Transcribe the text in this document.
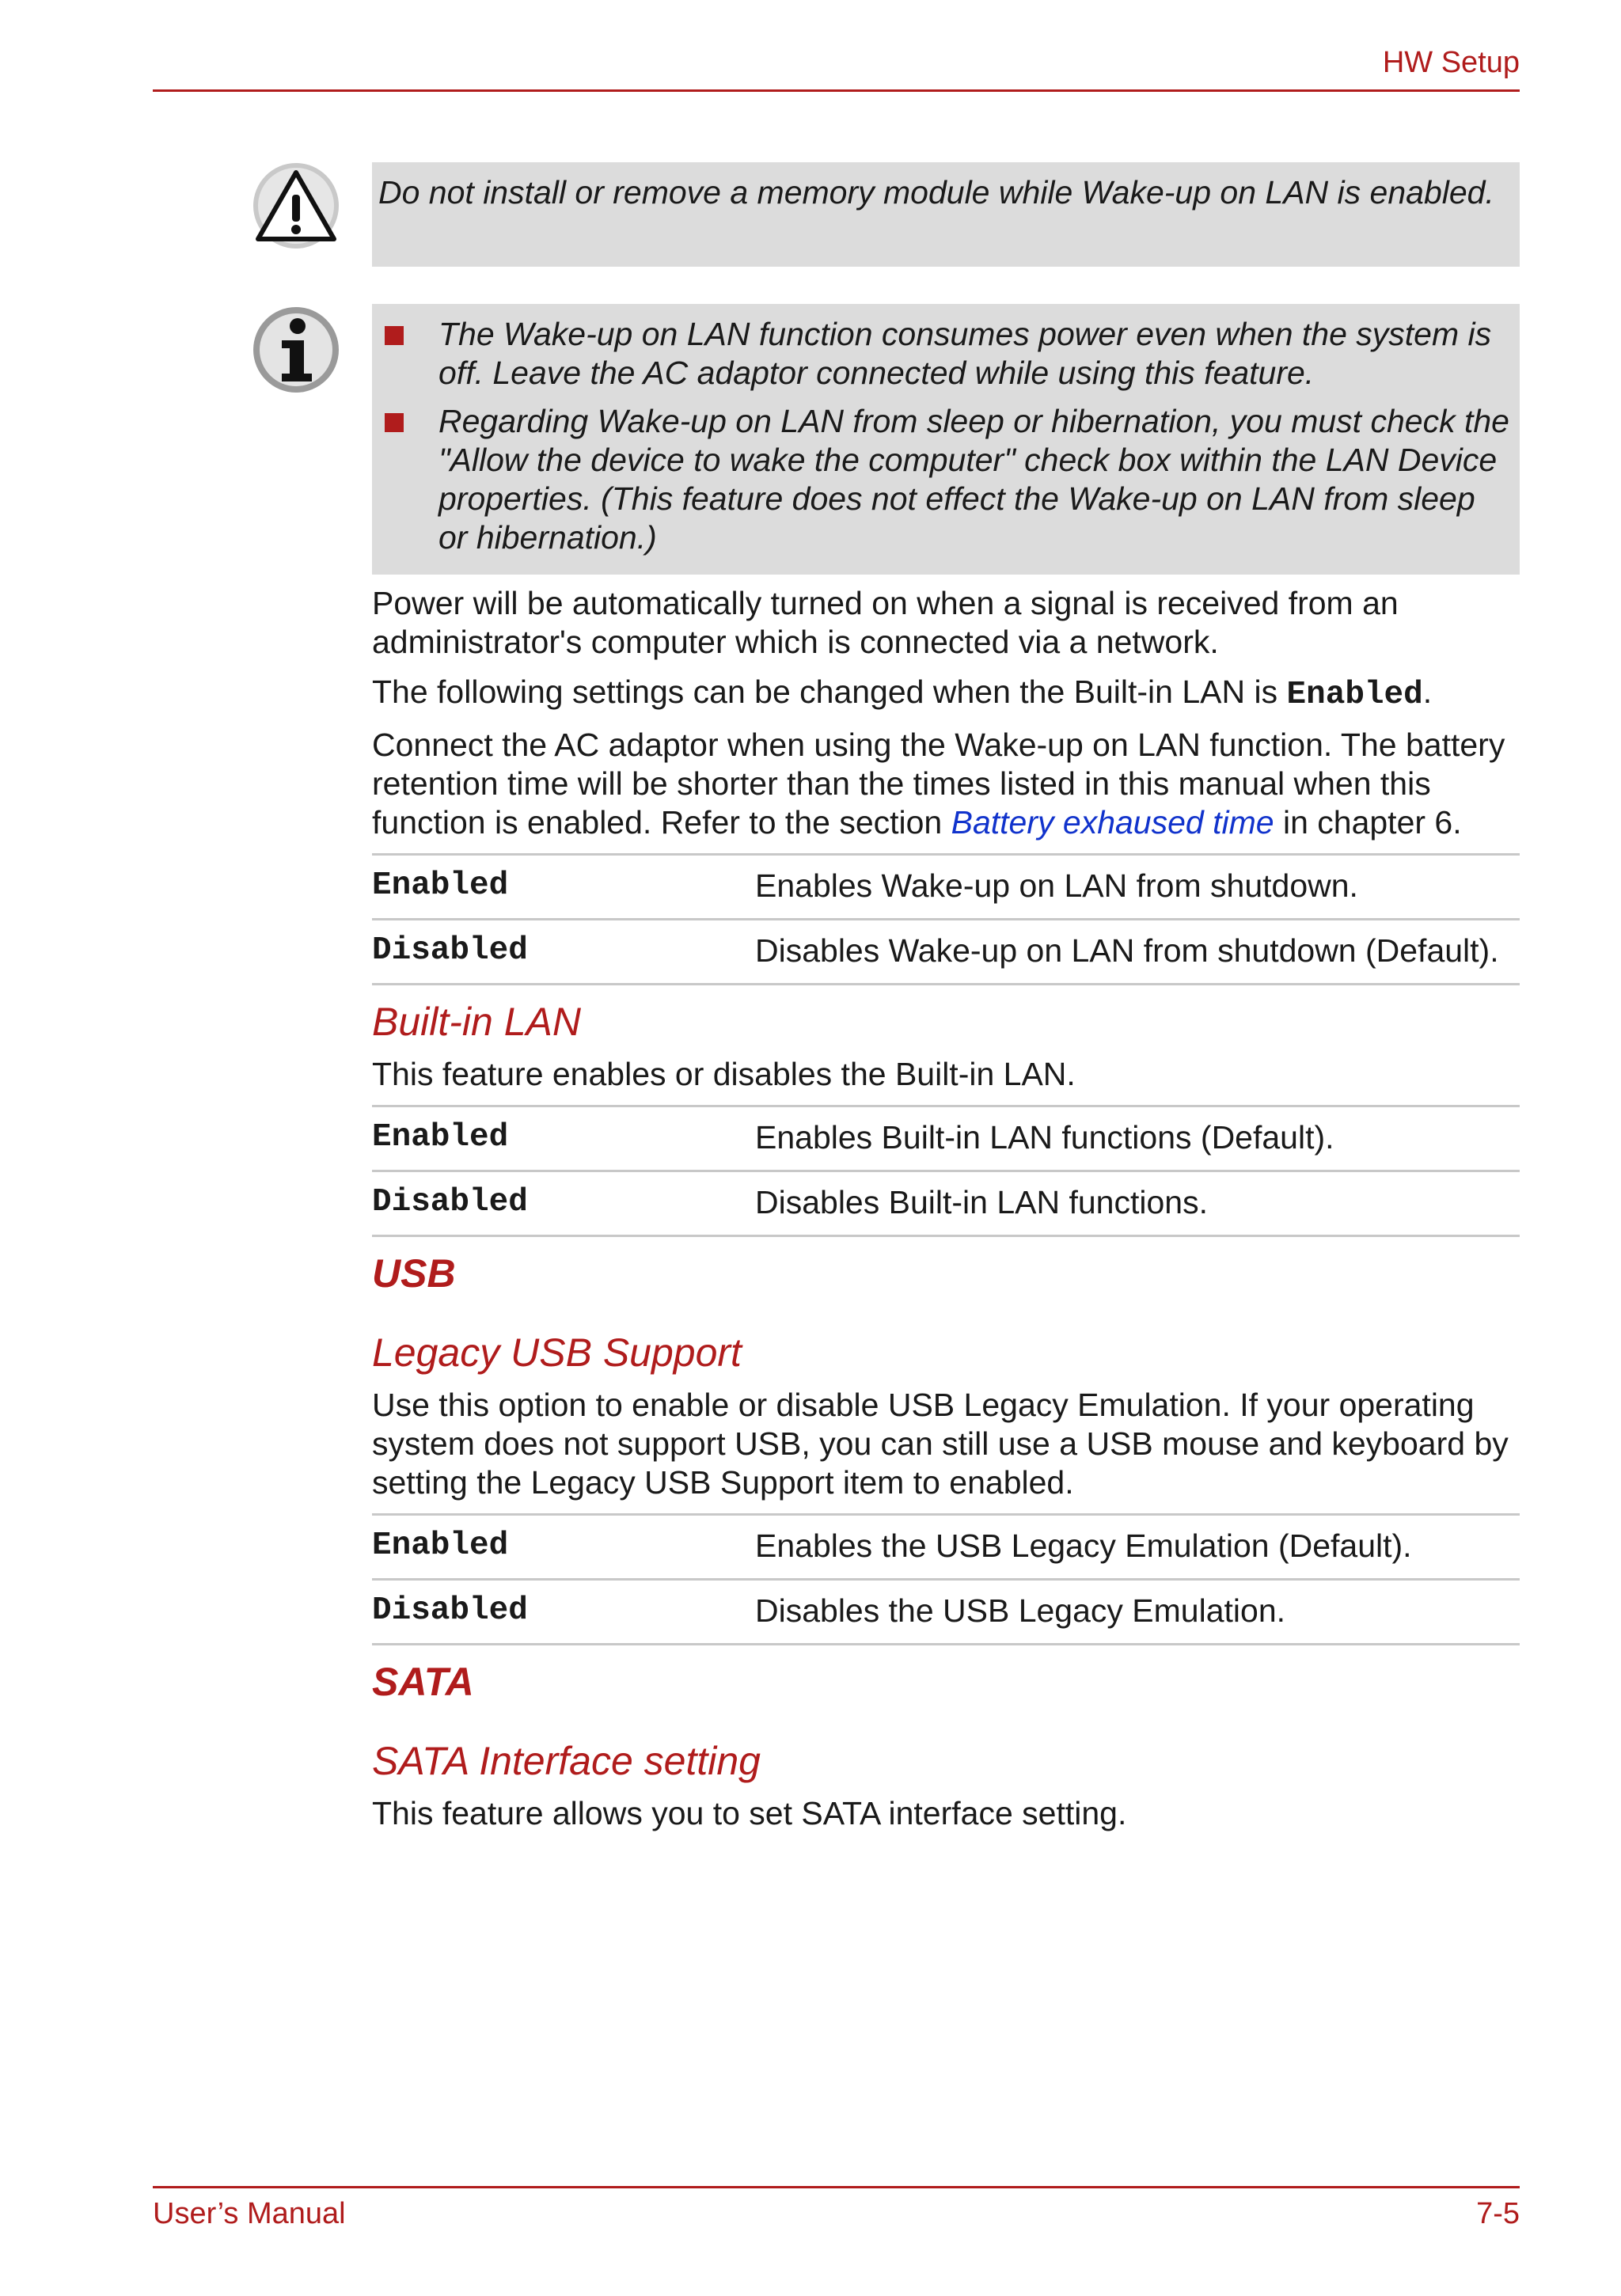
HW Setup
Do not install or remove a memory module while Wake-up on LAN is enabled.
The Wake-up on LAN function consumes power even when the system is off. Leave the AC adaptor connected while using this feature.
Regarding Wake-up on LAN from sleep or hibernation, you must check the "Allow the device to wake the computer" check box within the LAN Device properties. (This feature does not effect the Wake-up on LAN from sleep or hibernation.)

Power will be automatically turned on when a signal is received from an administrator's computer which is connected via a network.

The following settings can be changed when the Built-in LAN is Enabled.

Connect the AC adaptor when using the Wake-up on LAN function. The battery retention time will be shorter than the times listed in this manual when this function is enabled. Refer to the section Battery exhaused time in chapter 6.

Enabled	Enables Wake-up on LAN from shutdown.
Disabled	Disables Wake-up on LAN from shutdown (Default).
Built-in LAN

This feature enables or disables the Built-in LAN.

Enabled	Enables Built-in LAN functions (Default).
Disabled	Disables Built-in LAN functions.
USB
Legacy USB Support

Use this option to enable or disable USB Legacy Emulation. If your operating system does not support USB, you can still use a USB mouse and keyboard by setting the Legacy USB Support item to enabled.

Enabled	Enables the USB Legacy Emulation (Default).
Disabled	Disables the USB Legacy Emulation.
SATA
SATA Interface setting

This feature allows you to set SATA interface setting.

User’s Manual	7-5
